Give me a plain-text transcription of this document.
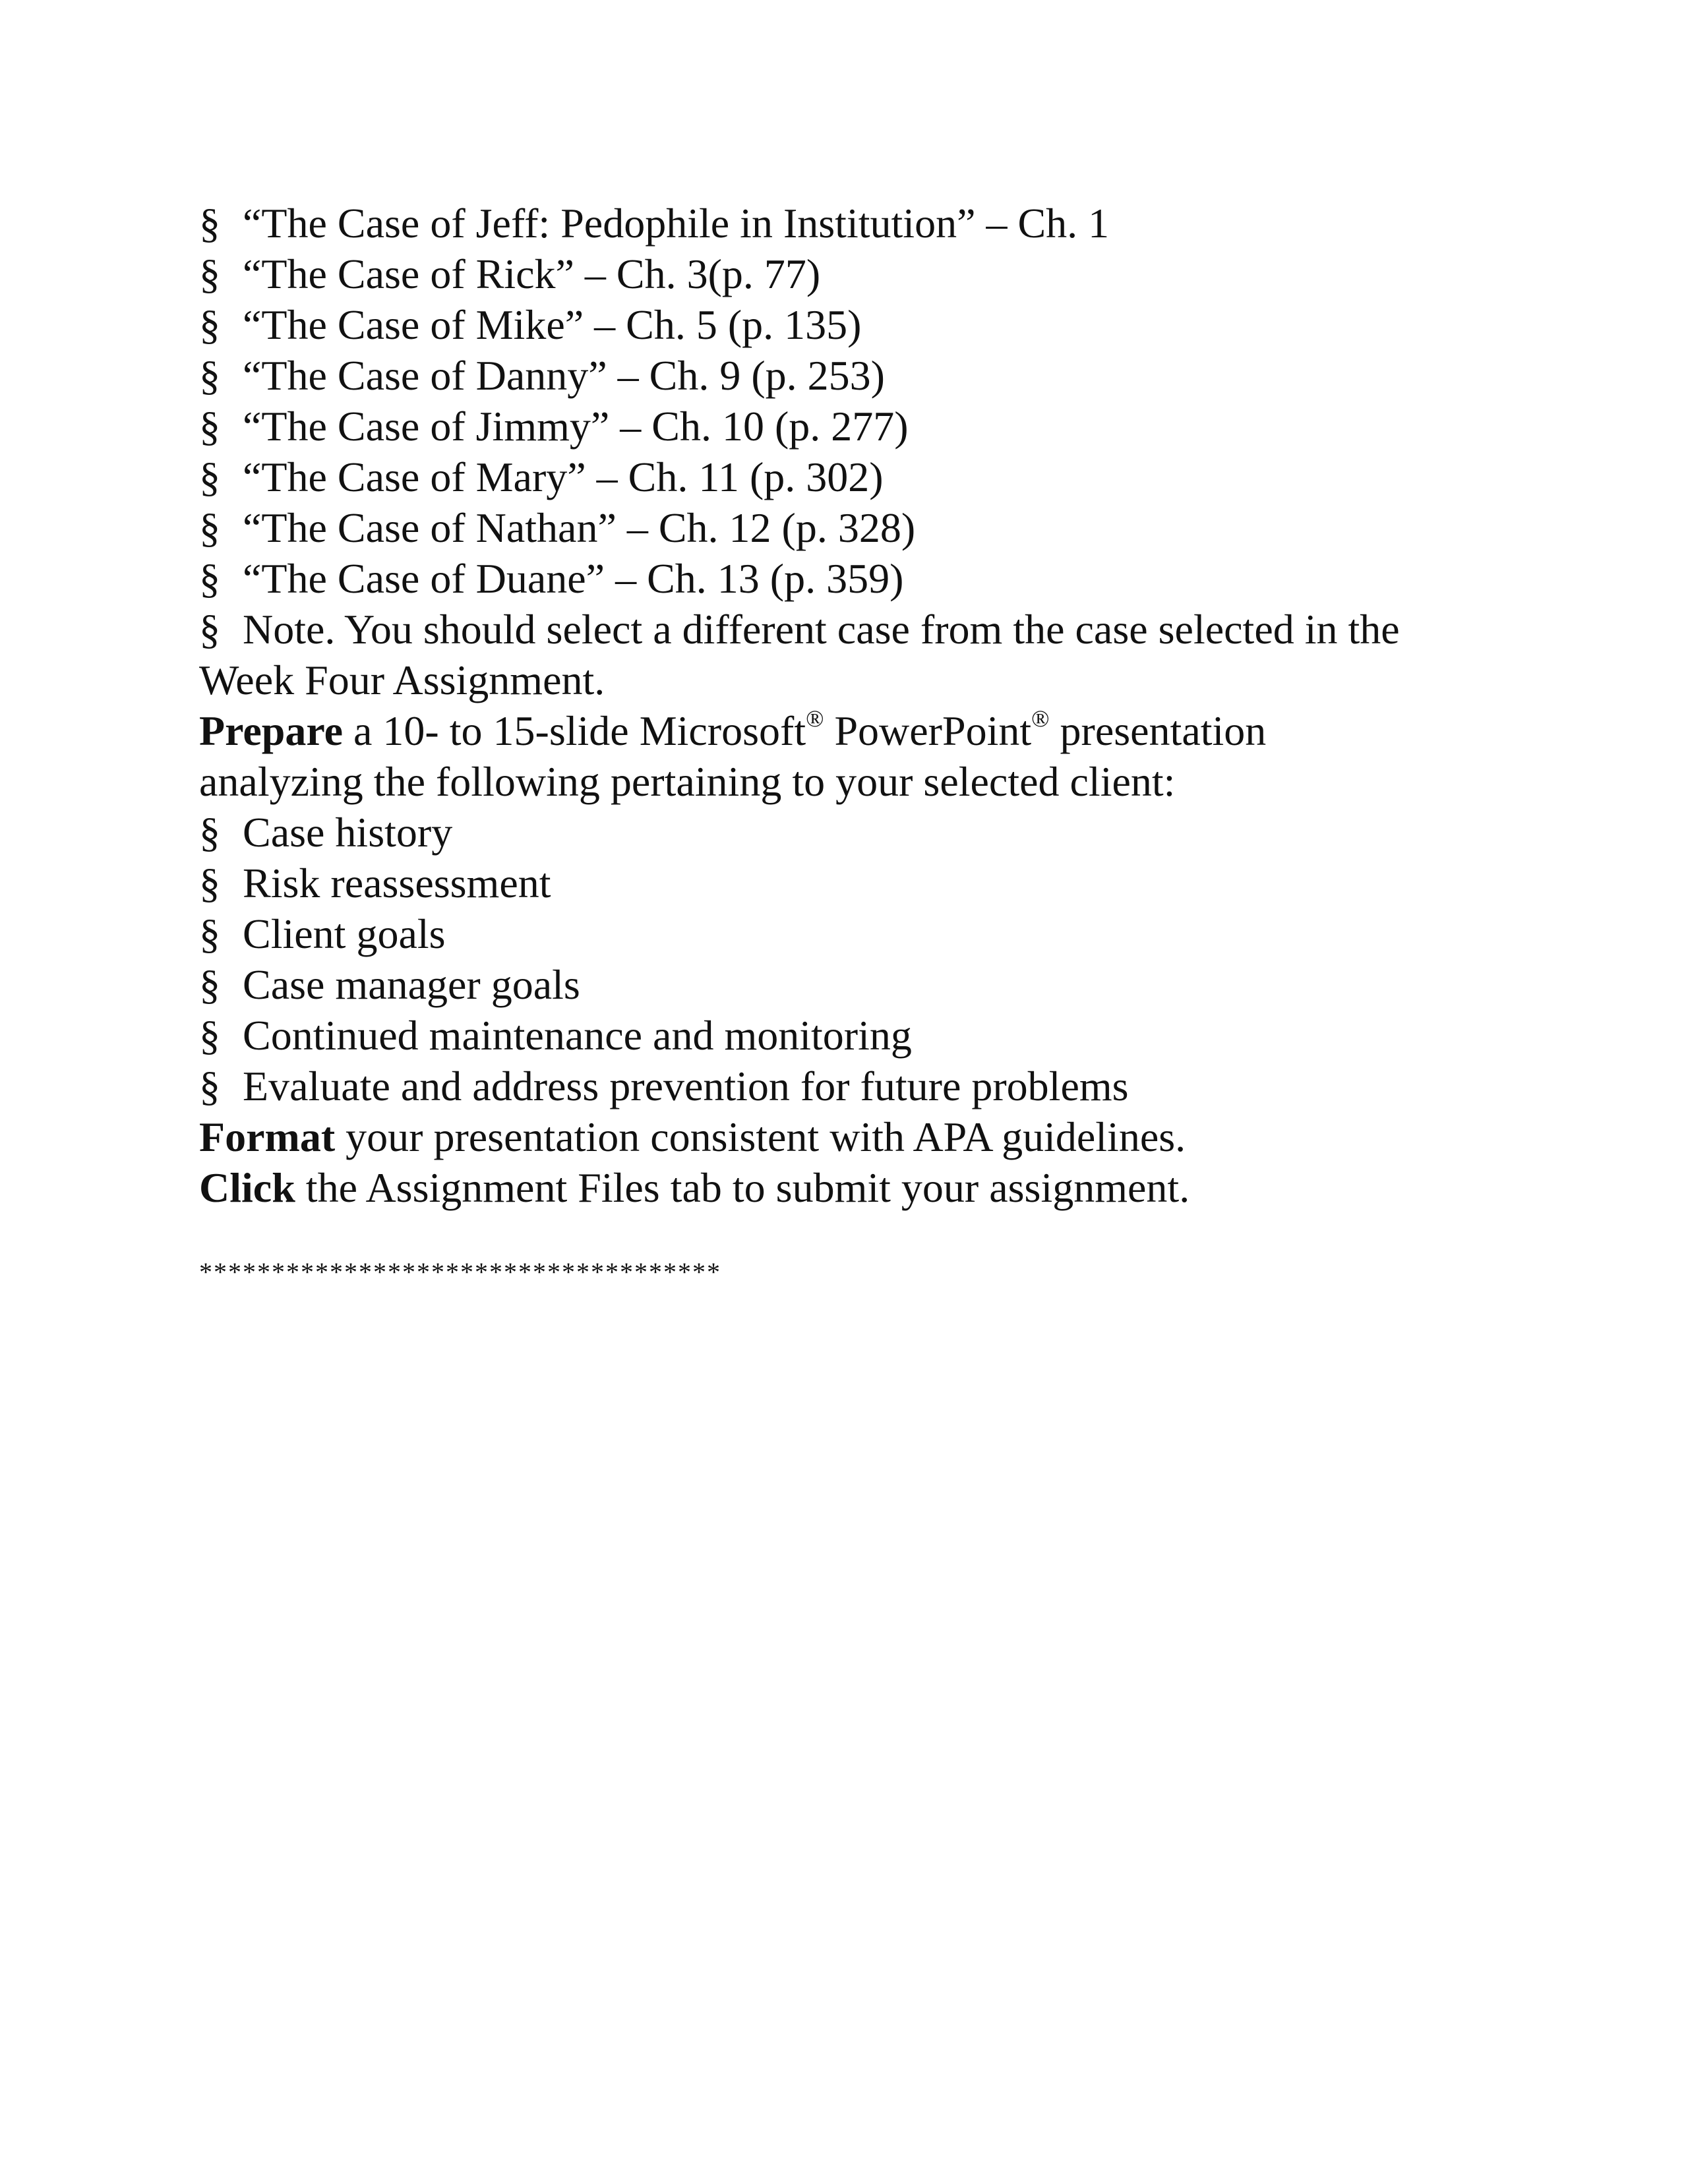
§ “The Case of Jeff: Pedophile in Institution” – Ch. 1
§ “The Case of Rick” – Ch. 3(p. 77)
§ “The Case of Mike” – Ch. 5 (p. 135)
§ “The Case of Danny” – Ch. 9 (p. 253)
§ “The Case of Jimmy” – Ch. 10 (p. 277)
§ “The Case of Mary” – Ch. 11 (p. 302)
§ “The Case of Nathan” – Ch. 12 (p. 328)
§ “The Case of Duane” – Ch. 13 (p. 359)
§ Note. You should select a different case from the case selected in the
Week Four Assignment.
Prepare a 10- to 15-slide Microsoft® PowerPoint® presentation
analyzing the following pertaining to your selected client:
§ Case history
§ Risk reassessment
§ Client goals
§ Case manager goals
§ Continued maintenance and monitoring
§ Evaluate and address prevention for future problems
Format your presentation consistent with APA guidelines.
Click the Assignment Files tab to submit your assignment.
************************************
